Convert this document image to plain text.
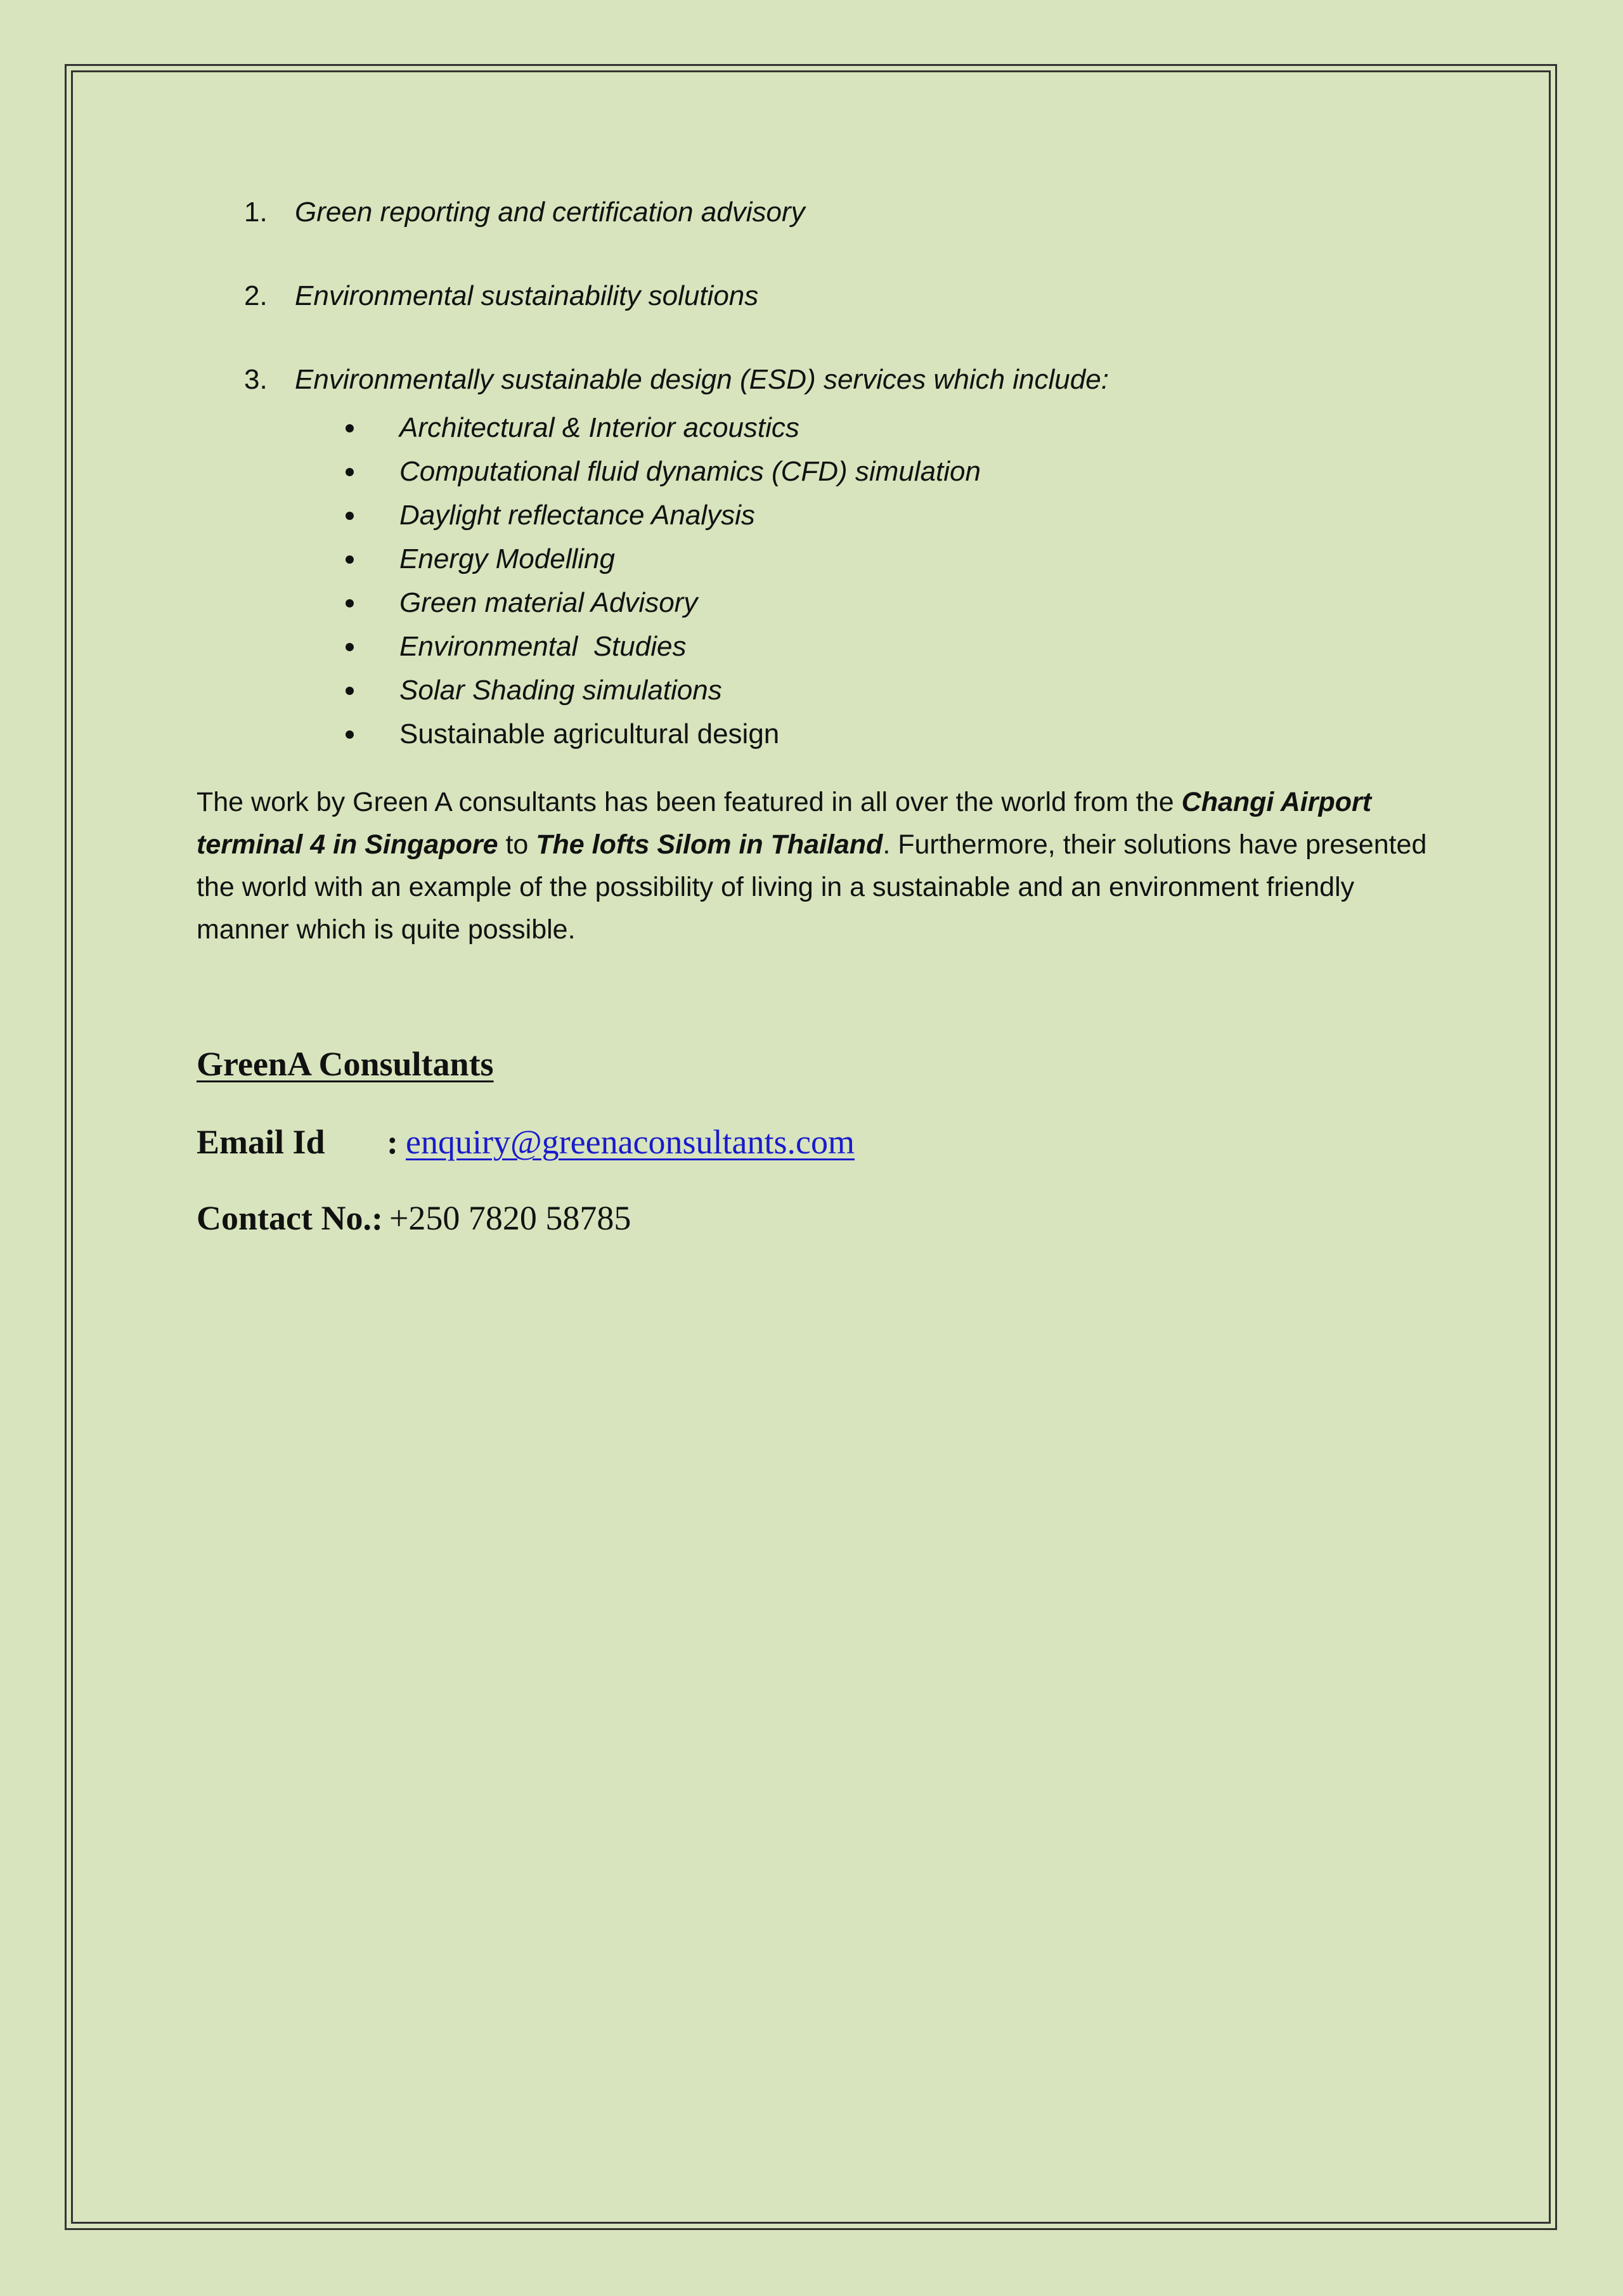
1. Green reporting and certification advisory
2. Environmental sustainability solutions
3. Environmentally sustainable design (ESD) services which include:
Architectural & Interior acoustics
Computational fluid dynamics (CFD) simulation
Daylight reflectance Analysis
Energy Modelling
Green material Advisory
Environmental  Studies
Solar Shading simulations
Sustainable agricultural design

The work by Green A consultants has been featured in all over the world from the Changi Airport terminal 4 in Singapore to The lofts Silom in Thailand. Furthermore, their solutions have presented the world with an example of the possibility of living in a sustainable and an environment friendly manner which is quite possible.

GreenA Consultants
Email Id : enquiry@greenaconsultants.com
Contact No.: +250 7820 58785
